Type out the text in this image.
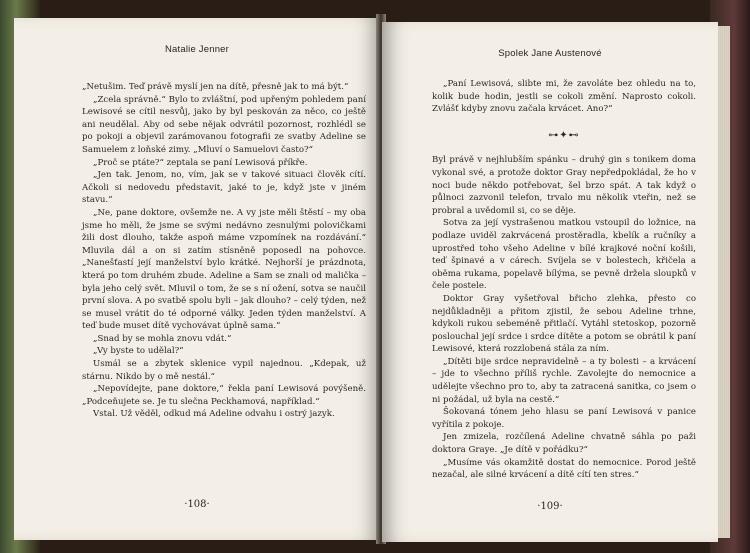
Natalie Jenner

„Netušim. Teď právě myslí jen na dítě, přesně jak to má být.“

„Zcela správně.“ Bylo to zvláštní, pod upřeným pohledem paní Lewisové se cítil nesvůj, jako by byl peskován za něco, co ještě ani neudělal. Aby od sebe nějak odvrátil pozornost, rozhlédl se po pokoji a objevil zarámovanou fotografii ze svatby Adeline se Samuelem z loňské zimy. „Mluví o Samuelovi často?“

„Proč se ptáte?“ zeptala se paní Lewisová příkře.

„Jen tak. Jenom, no, vím, jak se v takové situaci člověk cítí. Ačkoli si nedovedu představit, jaké to je, když jste v jiném stavu.“

„Ne, pane doktore, ovšemže ne. A vy jste měli štěstí – my oba jsme ho měli, že jsme se svými nedávno zesnulými polovičkami žili dost dlouho, takže aspoň máme vzpomínek na rozdávání.“ Mluvila dál a on si zatím stísněně poposedl na pohovce. „Nanešťastí její manželství bylo krátké. Nejhorší je prázdnota, která po tom druhém zbude. Adeline a Sam se znali od malička – byla jeho celý svět. Mluvil o tom, že se s ní ožení, sotva se naučil první slova. A po svatbě spolu byli – jak dlouho? – celý týden, než se musel vrátit do té odporné války. Jeden týden manželství. A teď bude muset dítě vychovávat úplně sama.“

„Snad by se mohla znovu vdát.“

„Vy byste to udělal?“

Usmál se a zbytek sklenice vypil najednou. „Kdepak, už stárnu. Nikdo by o mě nestál.“

„Nepovídejte, pane doktore,“ řekla paní Lewisová povýšeně. „Podceňujete se. Je tu slečna Peckhamová, například.“

Vstal. Už věděl, odkud má Adeline odvahu i ostrý jazyk.

·108·
Spolek Jane Austenové

„Paní Lewisová, slibte mi, že zavoláte bez ohledu na to, kolik bude hodin, jestli se cokoli změní. Naprosto cokoli. Zvlášť kdyby znovu začala krvácet. Ano?“

⊶✦⊷

Byl právě v nejhlubším spánku – druhý gin s tonikem doma vykonal své, a protože doktor Gray nepředpokládal, že ho v noci bude někdo potřebovat, šel brzo spát. A tak když o půlnoci zazvonil telefon, trvalo mu několik vteřin, než se probral a uvědomil si, co se děje.

Sotva za její vystrašenou matkou vstoupil do ložnice, na podlaze uviděl zakrvácená prostěradla, kbelík a ručníky a uprostřed toho všeho Adeline v bílé krajkové noční košili, teď špinavé a v cárech. Svíjela se v bolestech, křičela a oběma rukama, popelavě bílýma, se pevně držela sloupků v čele postele.

Doktor Gray vyšetřoval břicho zlehka, přesto co nejdůkladněji a přitom zjistil, že sebou Adeline trhne, kdykoli rukou sebeméně přitlačí. Vytáhl stetoskop, pozorně poslouchal její srdce i srdce dítěte a potom se obrátil k paní Lewisové, která rozzlobená stála za ním.

„Dítěti bije srdce nepravidelně – a ty bolesti – a krvácení – jde to všechno příliš rychle. Zavolejte do nemocnice a udělejte všechno pro to, aby ta zatracená sanitka, co jsem o ni požádal, už byla na cestě.“

Šokovaná tónem jeho hlasu se paní Lewisová v panice vyřítila z pokoje.

Jen zmizela, rozčílená Adeline chvatně sáhla po paži doktora Graye. „Je dítě v pořádku?“

„Musíme vás okamžitě dostat do nemocnice. Porod ještě nezačal, ale silné krvácení a dítě cítí ten stres.“

·109·
